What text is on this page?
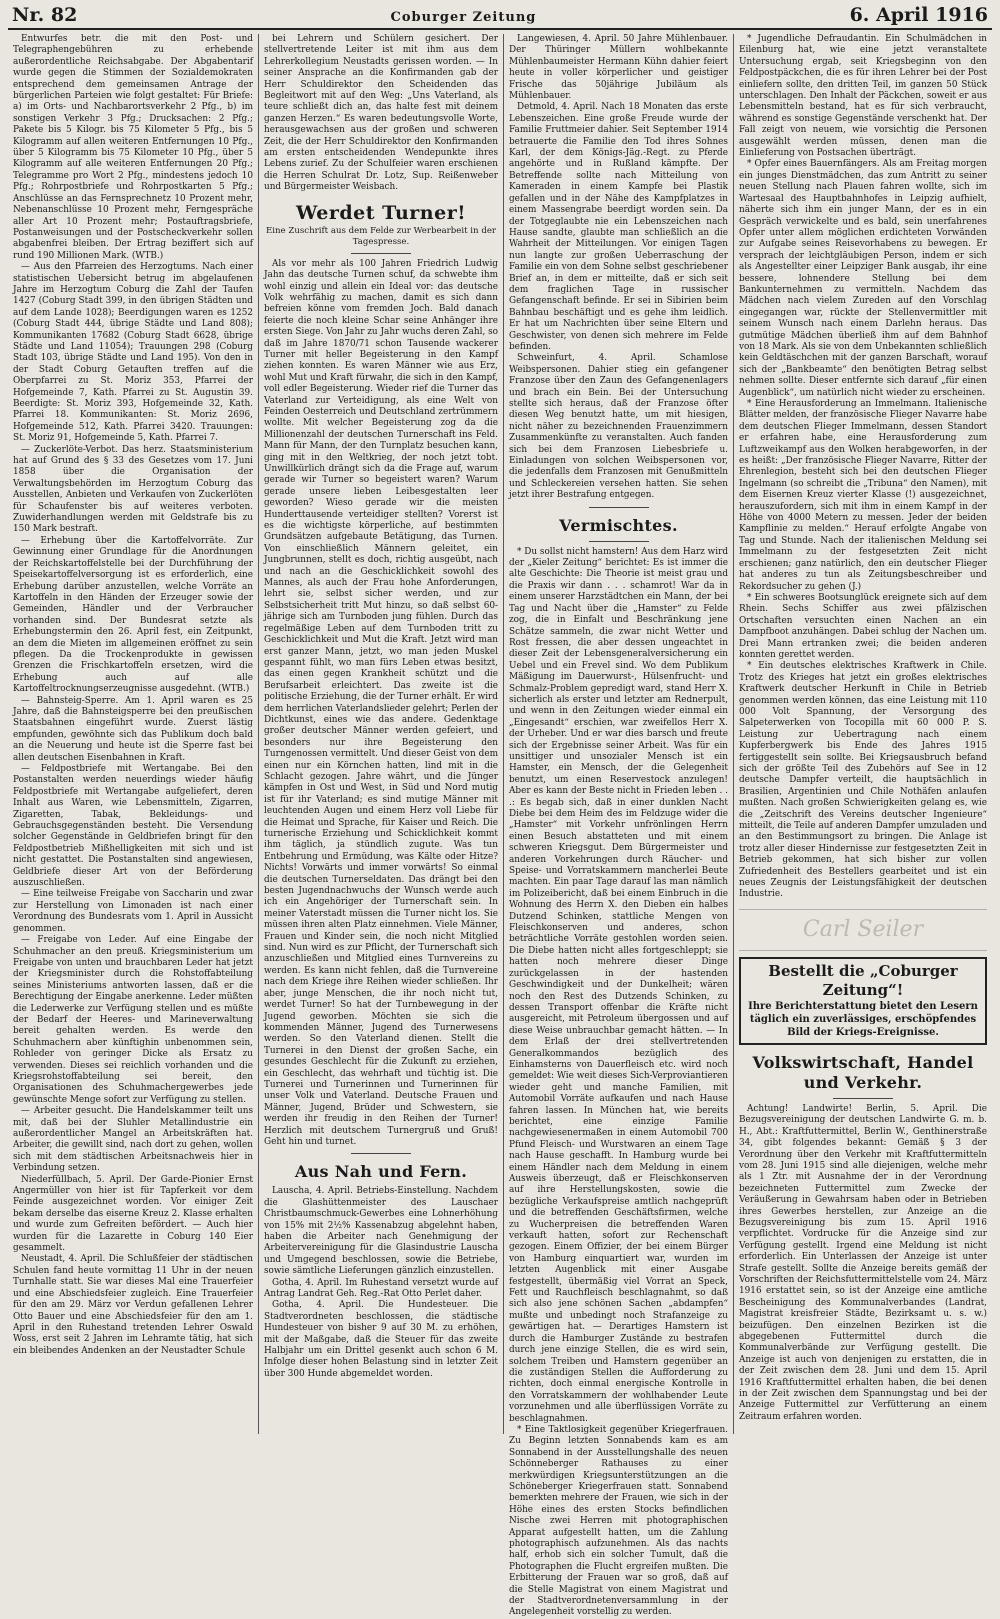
Nr. 82	Coburger Zeitung	6. April 1916

Entwurfes betr. die mit den Post- und Telegraphengebühren zu erhebende außerordentliche Reichsabgabe. Der Abgabentarif wurde gegen die Stimmen der Sozialdemokraten entsprechend dem gemeinsamen Antrage der bürgerlichen Parteien wie folgt gestaltet: Für Briefe: a) im Orts- und Nachbarortsverkehr 2 Pfg., b) im sonstigen Verkehr 3 Pfg.; Drucksachen: 2 Pfg.; Pakete bis 5 Kilogr. bis 75 Kilometer 5 Pfg., bis 5 Kilogramm auf allen weiteren Entfernungen 10 Pfg., über 5 Kilogramm bis 75 Kilometer 10 Pfg., über 5 Kilogramm auf alle weiteren Entfernungen 20 Pfg.; Telegramme pro Wort 2 Pfg., mindestens jedoch 10 Pfg.; Rohrpostbriefe und Rohrpostkarten 5 Pfg.; Anschlüsse an das Fernsprechnetz 10 Prozent mehr, Nebenanschlüsse 10 Prozent mehr, Ferngespräche aller Art 10 Prozent mehr; Postauftragsbriefe, Postanweisungen und der Postscheckverkehr sollen abgabenfrei bleiben. Der Ertrag beziffert sich auf rund 190 Millionen Mark. (WTB.)

— Aus den Pfarreien des Herzogtums. Nach einer statistischen Uebersicht betrug im abgelaufenen Jahre im Herzogtum Coburg die Zahl der Taufen 1427 (Coburg Stadt 399, in den übrigen Städten und auf dem Lande 1028); Beerdigungen waren es 1252 (Coburg Stadt 444, übrige Städte und Land 808); Kommunikanten 17682 (Coburg Stadt 6628, übrige Städte und Land 11054); Trauungen 298 (Coburg Stadt 103, übrige Städte und Land 195). Von den in der Stadt Coburg Getauften treffen auf die Oberpfarrei zu St. Moriz 353, Pfarrei der Hofgemeinde 7, Kath. Pfarrei zu St. Augustin 39. Beerdigte: St. Moriz 393, Hofgemeinde 32, Kath. Pfarrei 18. Kommunikanten: St. Moriz 2696, Hofgemeinde 512, Kath. Pfarrei 3420. Trauungen: St. Moriz 91, Hofgemeinde 5, Kath. Pfarrei 7.

— Zuckerlöte-Verbot. Das herz. Staatsministerium hat auf Grund des § 33 des Gesetzes vom 17. Juni 1858 über die Organisation der Verwaltungsbehörden im Herzogtum Coburg das Ausstellen, Anbieten und Verkaufen von Zuckerlöten für Schaufenster bis auf weiteres verboten. Zuwiderhandlungen werden mit Geldstrafe bis zu 150 Mark bestraft.

— Erhebung über die Kartoffelvorräte. Zur Gewinnung einer Grundlage für die Anordnungen der Reichskartoffelstelle bei der Durchführung der Speisekartoffelversorgung ist es erforderlich, eine Erhebung darüber anzustellen, welche Vorräte an Kartoffeln in den Händen der Erzeuger sowie der Gemeinden, Händler und der Verbraucher vorhanden sind. Der Bundesrat setzte als Erhebungstermin den 26. April fest, ein Zeitpunkt, an dem die Mieten im allgemeinen eröffnet zu sein pflegen. Da die Trockenprodukte in gewissen Grenzen die Frischkartoffeln ersetzen, wird die Erhebung auch auf alle Kartoffeltrocknungserzeugnisse ausgedehnt. (WTB.)

— Bahnsteig-Sperre. Am 1. April waren es 25 Jahre, daß die Bahnsteigsperre bei den preußischen Staatsbahnen eingeführt wurde. Zuerst lästig empfunden, gewöhnte sich das Publikum doch bald an die Neuerung und heute ist die Sperre fast bei allen deutschen Eisenbahnen in Kraft.

— Feldpostbriefe mit Wertangabe. Bei den Postanstalten werden neuerdings wieder häufig Feldpostbriefe mit Wertangabe aufgeliefert, deren Inhalt aus Waren, wie Lebensmitteln, Zigarren, Zigaretten, Tabak, Bekleidungs- und Gebrauchsgegenständen besteht. Die Versendung solcher Gegenstände in Geldbriefen bringt für den Feldpostbetrieb Mißhelligkeiten mit sich und ist nicht gestattet. Die Postanstalten sind angewiesen, Geldbriefe dieser Art von der Beförderung auszuschließen.

— Eine teilweise Freigabe von Saccharin und zwar zur Herstellung von Limonaden ist nach einer Verordnung des Bundesrats vom 1. April in Aussicht genommen.

— Freigabe von Leder. Auf eine Eingabe der Schuhmacher an den preuß. Kriegsministerium um Freigabe von unten und brauchbaren Leder hat jetzt der Kriegsminister durch die Rohstoffabteilung seines Ministeriums antworten lassen, daß er die Berechtigung der Eingabe anerkenne. Leder müßten die Lederwerke zur Verfügung stellen und es müßte der Bedarf der Heeres- und Marineverwaltung bereit gehalten werden. Es werde den Schuhmachern aber künftighin unbenommen sein, Rohleder von geringer Dicke als Ersatz zu verwenden. Dieses sei reichlich vorhanden und die Kriegsrohstoffabteilung sei bereit, den Organisationen des Schuhmachergewerbes jede gewünschte Menge sofort zur Verfügung zu stellen.

— Arbeiter gesucht. Die Handelskammer teilt uns mit, daß bei der Sluhler Metallindustrie ein außerordentlicher Mangel an Arbeitskräften hat. Arbeiter, die gewillt sind, nach dort zu gehen, wollen sich mit dem städtischen Arbeitsnachweis hier in Verbindung setzen.

Niederfüllbach, 5. April. Der Garde-Pionier Ernst Angermüller von hier ist für Tapferkeit vor dem Feinde ausgezeichnet worden. Vor einiger Zeit bekam derselbe das eiserne Kreuz 2. Klasse erhalten und wurde zum Gefreiten befördert. — Auch hier wurden für die Lazarette in Coburg 140 Eier gesammelt.

Neustadt, 4. April. Die Schlußfeier der städtischen Schulen fand heute vormittag 11 Uhr in der neuen Turnhalle statt. Sie war dieses Mal eine Trauerfeier und eine Abschiedsfeier zugleich. Eine Trauerfeier für den am 29. März vor Verdun gefallenen Lehrer Otto Bauer und eine Abschiedsfeier für den am 1. April in den Ruhestand tretenden Lehrer Oswald Woss, erst seit 2 Jahren im Lehramte tätig, hat sich ein bleibendes Andenken an der Neustadter Schule

bei Lehrern und Schülern gesichert. Der stellvertretende Leiter ist mit ihm aus dem Lehrerkollegium Neustadts gerissen worden. — In seiner Ansprache an die Konfirmanden gab der Herr Schuldirektor den Scheidenden das Begleitwort mit auf den Weg: „Uns Vaterland, als teure schließt dich an, das halte fest mit deinem ganzen Herzen.“ Es waren bedeutungsvolle Worte, herausgewachsen aus der großen und schweren Zeit, die der Herr Schuldirektor den Konfirmanden am ersten entscheidenden Wendepunkte ihres Lebens zurief. Zu der Schulfeier waren erschienen die Herren Schulrat Dr. Lotz, Sup. Reißenweber und Bürgermeister Weisbach.

Werdet Turner!
Eine Zuschrift aus dem Felde zur Werbearbeit in der Tagespresse.

Als vor mehr als 100 Jahren Friedrich Ludwig Jahn das deutsche Turnen schuf, da schwebte ihm wohl einzig und allein ein Ideal vor: das deutsche Volk wehrfähig zu machen, damit es sich dann befreien könne vom fremden Joch. Bald danach feierte die noch kleine Schar seine Anhänger ihre ersten Siege. Von Jahr zu Jahr wuchs deren Zahl, so daß im Jahre 1870/71 schon Tausende wackerer Turner mit heller Begeisterung in den Kampf ziehen konnten. Es waren Männer wie aus Erz, wohl Mut und Kraft fürwahr, die sich in den Kampf, voll edler Begeisterung. Wieder rief die Turner das Vaterland zur Verteidigung, als eine Welt von Feinden Oesterreich und Deutschland zertrümmern wollte. Mit welcher Begeisterung zog da die Millionenzahl der deutschen Turnerschaft ins Feld. Mann für Mann, der den Turnplatz besuchen kann, ging mit in den Weltkrieg, der noch jetzt tobt. Unwillkürlich drängt sich da die Frage auf, warum gerade wir Turner so begeistert waren? Warum gerade unsere lieben Leibesgestalten leer geworden? Wieso gerade wir die meisten Hunderttausende verteidiger stellten? Vorerst ist es die wichtigste körperliche, auf bestimmten Grundsätzen aufgebaute Betätigung, das Turnen. Von einschließlich Männern geleitet, ein Jungbrunnen, stellt es doch, richtig ausgeübt, nach und nach an die Geschicklichkeit sowohl des Mannes, als auch der Frau hohe Anforderungen, lehrt sie, selbst sicher werden, und zur Selbstsicherheit tritt Mut hinzu, so daß selbst 60-jährige sich am Turnboden jung fühlen. Durch das regelmäßige Leben auf dem Turnboden tritt zu Geschicklichkeit und Mut die Kraft. Jetzt wird man erst ganzer Mann, jetzt, wo man jeden Muskel gespannt fühlt, wo man fürs Leben etwas besitzt, das einen gegen Krankheit schützt und die Berufsarbeit erleichtert. Das zweite ist die politische Erziehung, die der Turner erhält. Er wird dem herrlichen Vaterlandslieder gelehrt; Perlen der Dichtkunst, eines wie das andere. Gedenktage großer deutscher Männer werden gefeiert, und besonders nur ihre Begeisterung den Turngenossen vermittelt. Und dieser Geist von dem einen nur ein Körnchen hatten, lind mit in die Schlacht gezogen. Jahre währt, und die Jünger kämpfen in Ost und West, in Süd und Nord mutig ist für ihr Vaterland; es sind mutige Männer mit leuchtenden Augen und einem Herz voll Liebe für die Heimat und Sprache, für Kaiser und Reich. Die turnerische Erziehung und Schicklichkeit kommt ihm täglich, ja stündlich zugute. Was tun Entbehrung und Ermüdung, was Kälte oder Hitze? Nichts! Vorwärts und immer vorwärts! So einmal die deutschen Turnerseldaten. Das drängt bei den besten Jugendnachwuchs der Wunsch werde auch ich ein Angehöriger der Turnerschaft sein. In meiner Vaterstadt müssen die Turner nicht los. Sie müssen ihren alten Platz einnehmen. Viele Männer, Frauen und Kinder sein, die noch nicht Mitglied sind. Nun wird es zur Pflicht, der Turnerschaft sich anzuschließen und Mitglied eines Turnvereins zu werden. Es kann nicht fehlen, daß die Turnvereine nach dem Kriege ihre Reihen wieder schließen. Ihr aber, junge Menschen, die ihr noch nicht tut, werdet Turner! So hat der Turnbewegung in der Jugend geworben. Möchten sie sich die kommenden Männer, Jugend des Turnerwesens werden. So den Vaterland dienen. Stellt die Turnerei in den Dienst der großen Sache, ein gesundes Geschlecht für die Zukunft zu erziehen, ein Geschlecht, das wehrhaft und tüchtig ist. Die Turnerei und Turnerinnen und Turnerinnen für unser Volk und Vaterland. Deutsche Frauen und Männer, Jugend, Brüder und Schwestern, sie werden ihr freudig in den Reihen der Turner! Herzlich mit deutschem Turnergruß und Gruß! Geht hin und turnet.

Aus Nah und Fern.

Lauscha, 4. April. Betriebs-Einstellung. Nachdem die Glashüttenmeister des Lauschaer Christbaumschmuck-Gewerbes eine Lohnerhöhung von 15% mit 2½% Kassenabzug abgelehnt haben, haben die Arbeiter nach Genehmigung der Arbeitervereinigung für die Glasindustrie Lauscha und Umgegend beschlossen, sowie die Betriebe, sowie sämtliche Lieferungen gänzlich einzustellen.

Gotha, 4. April. Im Ruhestand versetzt wurde auf Antrag Landrat Geh. Reg.-Rat Otto Perlet daher.

Gotha, 4. April. Die Hundesteuer. Die Stadtverordneten beschlossen, die städtische Hundesteuer von bisher 9 auf 30 M. zu erhöhen, mit der Maßgabe, daß die Steuer für das zweite Halbjahr um ein Drittel gesenkt auch schon 6 M. Infolge dieser hohen Belastung sind in letzter Zeit über 300 Hunde abgemeldet worden.

Langewiesen, 4. April. 50 Jahre Mühlenbauer. Der Thüringer Müllern wohlbekannte Mühlenbaumeister Hermann Kühn dahier feiert heute in voller körperlicher und geistiger Frische das 50jährige Jubiläum als Mühlenbauer.

Detmold, 4. April. Nach 18 Monaten das erste Lebenszeichen. Eine große Freude wurde der Familie Fruttmeier dahier. Seit September 1914 betrauerte die Familie den Tod ihres Sohnes Karl, der dem Königs-Jäg.-Regt. zu Pferde angehörte und in Rußland kämpfte. Der Betreffende sollte nach Mitteilung von Kameraden in einem Kampfe bei Plastik gefallen und in der Nähe des Kampfplatzes in einem Massengrabe beerdigt worden sein. Da der Totgeglaubte nie ein Lebenszeichen nach Hause sandte, glaubte man schließlich an die Wahrheit der Mitteilungen. Vor einigen Tagen nun langte zur großen Ueberraschung der Familie ein von dem Sohne selbst geschriebener Brief an, in dem er mitteilte, daß er sich seit dem fraglichen Tage in russischer Gefangenschaft befinde. Er sei in Sibirien beim Bahnbau beschäftigt und es gehe ihm leidlich. Er hat um Nachrichten über seine Eltern und Geschwister, von denen sich mehrere im Felde befinden.

Schweinfurt, 4. April. Schamlose Weibspersonen. Dahier stieg ein gefangener Franzose über den Zaun des Gefangenenlagers und brach ein Bein. Bei der Untersuchung stellte sich heraus, daß der Franzose öfter diesen Weg benutzt hatte, um mit hiesigen, nicht näher zu bezeichnenden Frauenzimmern Zusammenkünfte zu veranstalten. Auch fanden sich bei dem Franzosen Liebesbriefe u. Einladungen von solchen Weibspersonen vor, die jedenfalls dem Franzosen mit Genußmitteln und Schleckereien versehen hatten. Sie sehen jetzt ihrer Bestrafung entgegen.

Vermischtes.

* Du sollst nicht hamstern! Aus dem Harz wird der „Kieler Zeitung“ berichtet: Es ist immer die alte Geschichte: Die Theorie ist meist grau und die Praxis wir dann . . . schamrot! War da in einem unserer Harzstädtchen ein Mann, der bei Tag und Nacht über die „Hamster“ zu Felde zog, die in Einfalt und Beschränkung jene Schätze sammeln, die zwar nicht Wetter und Rost fressen, die aber dessen ungeachtet in dieser Zeit der Lebensgeneralversicherung ein Uebel und ein Frevel sind. Wo dem Publikum Mäßigung im Dauerwurst-, Hülsenfrucht- und Schmalz-Problem gepredigt ward, stand Herr X. sicherlich als erster und letzter am Rednerpult, und wenn in den Zeitungen wieder einmal ein „Eingesandt“ erschien, war zweifellos Herr X. der Urheber. Und er war dies barsch und freute sich der Ergebnisse seiner Arbeit. Was für ein unsittiger und unsozialer Mensch ist ein Hamster, ein Mensch, der die Gelegenheit benutzt, um einen Reservestock anzulegen! Aber es kann der Beste nicht in Frieden leben . . .: Es begab sich, daß in einer dunklen Nacht Diebe bei dem Heim des im Feldzuge wider die „Hamster“ mit Vorkehr unfrönlingen Herrn einen Besuch abstatteten und mit einem schweren Kriegsgut. Dem Bürgermeister und anderen Vorkehrungen durch Räucher- und Speise- und Vorratskammern mancherlei Beute machten. Ein paar Tage darauf las man nämlich im Polizeibericht, daß bei einem Einbruch in die Wohnung des Herrn X. den Dieben ein halbes Dutzend Schinken, stattliche Mengen von Fleischkonserven und anderes, schon beträchtliche Vorräte gestohlen worden seien. Die Diebe hatten nicht alles fortgeschleppt; sie hatten noch mehrere dieser Dinge zurückgelassen in der hastenden Geschwindigkeit und der Dunkelheit; wären noch den Rest des Dutzends Schinken, zu dessen Transport offenbar die Kräfte nicht ausgereicht, mit Petroleum übergossen und auf diese Weise unbrauchbar gemacht hätten. — In dem Erlaß der drei stellvertretenden Generalkommandos bezüglich des Einhamsterns von Dauerfleisch etc. wird noch gemeldet: Wie weit dieses Sich-Verproviantieren wieder geht und manche Familien, mit Automobil Vorräte aufkaufen und nach Hause fahren lassen. In München hat, wie bereits berichtet, eine einzige Familie nachgewiesenermaßen in einem Automobil 700 Pfund Fleisch- und Wurstwaren an einem Tage nach Hause geschafft. In Hamburg wurde bei einem Händler nach dem Meldung in einem Ausweis überzeugt, daß er Fleischkonserven auf ihre Herstellungskosten, sowie die bezügliche Verkaufspreise amtlich nachgeprüft und die betreffenden Geschäftsfirmen, welche zu Wucherpreisen die betreffenden Waren verkauft hatten, sofort zur Rechenschaft gezogen. Einem Offizier, der bei einem Bürger von Hamburg einquartiert war, wurden im letzten Augenblick mit einer Ausgabe festgestellt, übermäßig viel Vorrat an Speck, Fett und Rauchfleisch beschlagnahmt, so daß sich also jene schönen Sachen „abdampfen“ mußte und unbedingt noch Strafanzeige zu gewärtigen hat. — Derartiges Hamstern ist durch die Hamburger Zustände zu bestrafen durch jene einzige Stellen, die es wird sein, solchem Treiben und Hamstern gegenüber an die zuständigen Stellen die Aufforderung zu richten, doch einmal energische Kontrolle in den Vorratskammern der wohlhabender Leute vorzunehmen und alle überflüssigen Vorräte zu beschlagnahmen.

* Eine Taktlosigkeit gegenüber Kriegerfrauen. Zu Beginn letzten Sonnabends kam es am Sonnabend in der Ausstellungshalle des neuen Schönneberger Rathauses zu einer merkwürdigen Kriegsunterstützungen an die Schöneberger Kriegerfrauen statt. Sonnabend bemerkten mehrere der Frauen, wie sich in der Höhe eines des ersten Stocks befindlichen Nische zwei Herren mit photographischen Apparat aufgestellt hatten, um die Zahlung photographisch aufzunehmen. Als das nachts half, erhob sich ein solcher Tumult, daß die Photographen die Flucht ergreifen mußten. Die Erbitterung der Frauen war so groß, daß auf die Stelle Magistrat von einem Magistrat und der Stadtverordnetenversammlung in der Angelegenheit vorstellig zu werden.

* Jugendliche Defraudantin. Ein Schulmädchen in Eilenburg hat, wie eine jetzt veranstaltete Untersuchung ergab, seit Kriegsbeginn von den Feldpostpäckchen, die es für ihren Lehrer bei der Post einliefern sollte, den dritten Teil, im ganzen 50 Stück unterschlagen. Den Inhalt der Päckchen, soweit er aus Lebensmitteln bestand, hat es für sich verbraucht, während es sonstige Gegenstände verschenkt hat. Der Fall zeigt von neuem, wie vorsichtig die Personen ausgewählt werden müssen, denen man die Einlieferung von Postsachen überträgt.

* Opfer eines Bauernfängers. Als am Freitag morgen ein junges Dienstmädchen, das zum Antritt zu seiner neuen Stellung nach Plauen fahren wollte, sich im Wartesaal des Hauptbahnhofes in Leipzig aufhielt, näherte sich ihm ein junger Mann, der es in ein Gespräch verwickelte und es bald, sein unerfahrenes Opfer unter allem möglichen erdichteten Vorwänden zur Aufgabe seines Reisevorhabens zu bewegen. Er versprach der leichtgläubigen Person, indem er sich als Angestellter einer Leipziger Bank ausgab, ihr eine bessere, lohnendere Stellung bei dem Bankunternehmen zu vermitteln. Nachdem das Mädchen nach vielem Zureden auf den Vorschlag eingegangen war, rückte der Stellenvermittler mit seinem Wunsch nach einem Darlehn heraus. Das gutmütige Mädchen überließ ihm auf dem Bahnhof von 18 Mark. Als sie von dem Unbekannten schließlich kein Geldtäschchen mit der ganzen Barschaft, worauf sich der „Bankbeamte“ den benötigten Betrag selbst nehmen sollte. Dieser entfernte sich darauf „für einen Augenblick“, um natürlich nicht wieder zu erscheinen.

* Eine Herausforderung an Immelmann. Italienische Blätter melden, der französische Flieger Navarre habe dem deutschen Flieger Immelmann, dessen Standort er erfahren habe, eine Herausforderung zum Luftzweikampf aus den Wolken herabgeworfen, in der es heißt: „Der französische Flieger Navarre, Ritter der Ehrenlegion, besteht sich bei den deutschen Flieger Ingelmann (so schreibt die „Tribuna“ den Namen), mit dem Eisernen Kreuz vierter Klasse (!) ausgezeichnet, herauszufordern, sich mit ihm in einem Kampf in der Höhe von 4000 Metern zu messen. Jeder der beiden Kampflinie zu melden.“ Herauf erfolgte Angabe von Tag und Stunde. Nach der italienischen Meldung sei Immelmann zu der festgesetzten Zeit nicht erschienen; ganz natürlich, den ein deutscher Flieger hat anderes zu tun als Zeitungsbeschreiber und Rekordsucher zu gehen (J.)

* Ein schweres Bootsunglück ereignete sich auf dem Rhein. Sechs Schiffer aus zwei pfälzischen Ortschaften versuchten einen Nachen an ein Dampfboot anzuhängen. Dabei schlug der Nachen um. Drei Mann ertranken zwei; die beiden anderen konnten gerettet werden.

* Ein deutsches elektrisches Kraftwerk in Chile. Trotz des Krieges hat jetzt ein großes elektrisches Kraftwerk deutscher Herkunft in Chile in Betrieb genommen werden können, das eine Leistung mit 110 000 Volt Spannung, der Versorgung des Salpeterwerken von Tocopilla mit 60 000 P. S. Leistung zur Uebertragung nach einem Kupferbergwerk bis Ende des Jahres 1915 fertiggestellt sein sollte. Bei Kriegsausbruch befand sich der größte Teil des Zubehörs auf See in 12 deutsche Dampfer verteilt, die hauptsächlich in Brasilien, Argentinien und Chile Nothäfen anlaufen mußten. Nach großen Schwierigkeiten gelang es, wie die „Zeitschrift des Vereins deutscher Ingenieure“ mitteilt, die Teile auf anderen Dampfer umzuladen und an den Bestimmungsort zu bringen. Die Anlage ist trotz aller dieser Hindernisse zur festgesetzten Zeit in Betrieb gekommen, hat sich bisher zur vollen Zufriedenheit des Bestellers gearbeitet und ist ein neues Zeugnis der Leistungsfähigkeit der deutschen Industrie.

Carl Seiler
Bestellt die „Coburger Zeitung“!
Ihre Berichterstattung bietet den Lesern täglich ein zuverlässiges, erschöpfendes Bild der Kriegs-Ereignisse.
Volkswirtschaft, Handel und Verkehr.

Achtung! Landwirte! Berlin, 5. April. Die Bezugsvereinigung der deutschen Landwirte G. m. b. H., Abt.: Kraftfuttermittel, Berlin W., Genthinerstraße 34, gibt folgendes bekannt: Gemäß § 3 der Verordnung über den Verkehr mit Kraftfuttermitteln vom 28. Juni 1915 sind alle diejenigen, welche mehr als 1 Ztr. mit Ausnahme der in der Verordnung bezeichneten Futtermittel zum Zwecke der Veräußerung in Gewahrsam haben oder in Betrieben ihres Gewerbes herstellen, zur Anzeige an die Bezugsvereinigung bis zum 15. April 1916 verpflichtet. Vordrucke für die Anzeige sind zur Verfügung gestellt. Irgend eine Meldung ist nicht erforderlich. Ein Unterlassen der Anzeige ist unter Strafe gestellt. Sollte die Anzeige bereits gemäß der Vorschriften der Reichsfuttermittelstelle vom 24. März 1916 erstattet sein, so ist der Anzeige eine amtliche Bescheinigung des Kommunalverbandes (Landrat, Magistrat kreisfreier Städte, Bezirksamt u. s. w.) beizufügen. Den einzelnen Bezirken ist die abgegebenen Futtermittel durch die Kommunalverbände zur Verfügung gestellt. Die Anzeige ist auch von denjenigen zu erstatten, die in der Zeit zwischen dem 28. Juni und dem 15. April 1916 Kraftfuttermittel erhalten haben, die bei denen in der Zeit zwischen dem Spannungstag und bei der Anzeige Futtermittel zur Verfütterung an einem Zeitraum erfahren worden.
